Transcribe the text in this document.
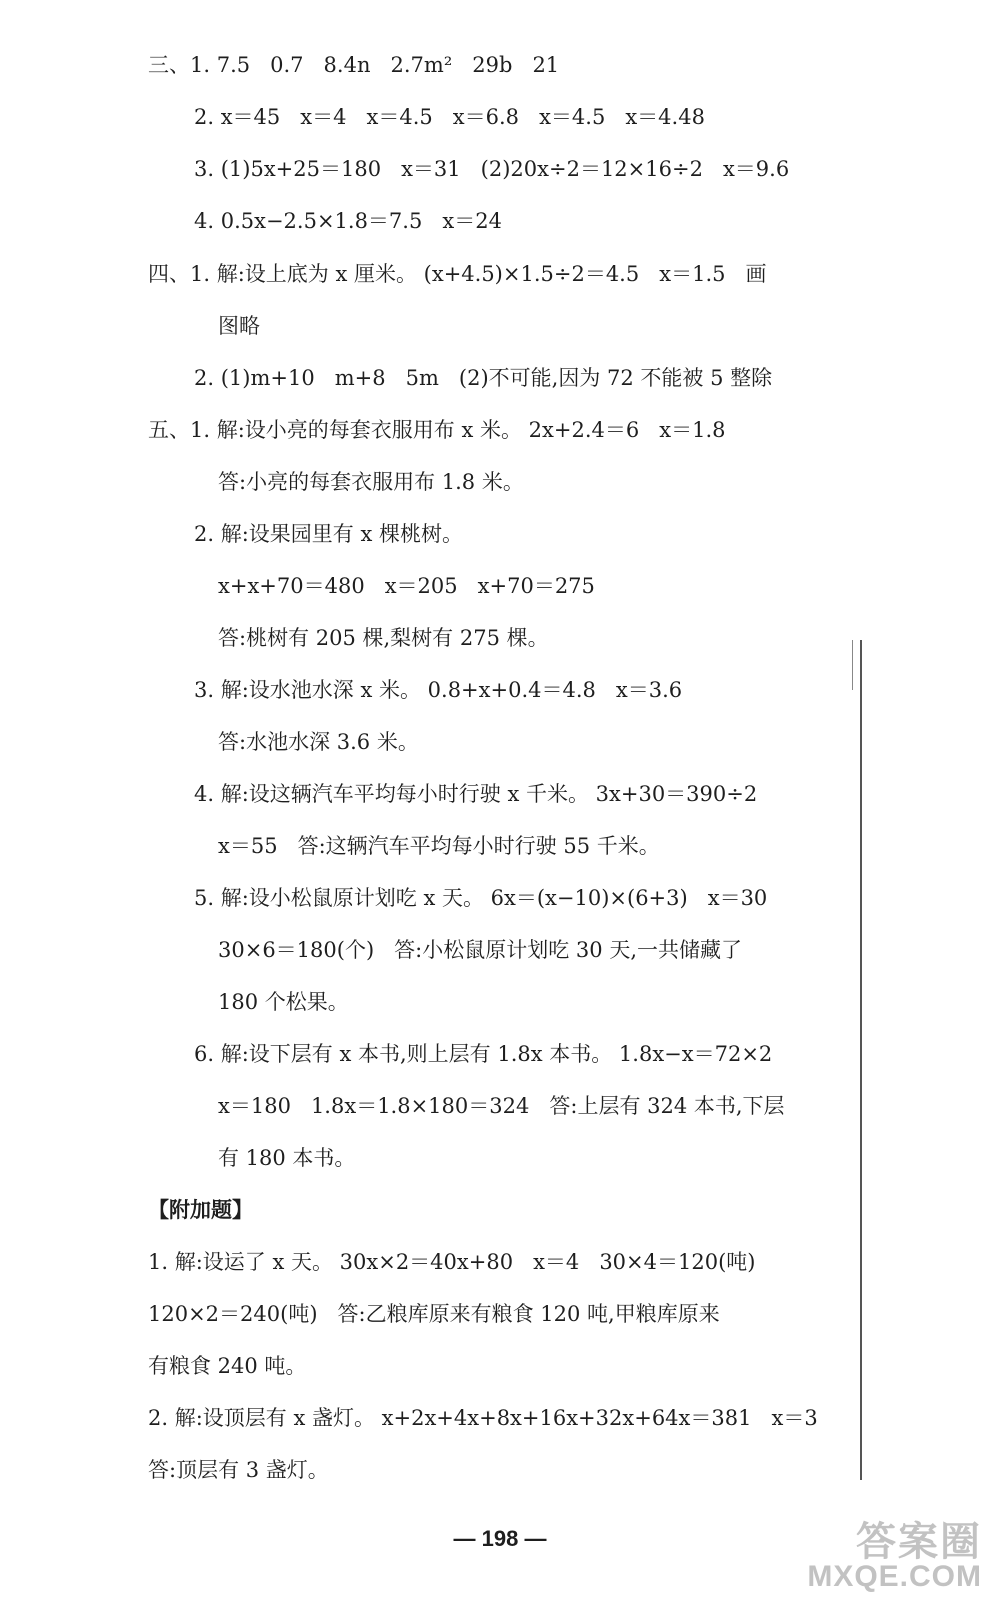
三、1. 7.5   0.7   8.4n   2.7m²   29b   21
2. x＝45   x＝4   x＝4.5   x＝6.8   x＝4.5   x＝4.48
3. (1)5x+25＝180   x＝31   (2)20x÷2＝12×16÷2   x＝9.6
4. 0.5x−2.5×1.8＝7.5   x＝24
四、1. 解:设上底为 x 厘米。 (x+4.5)×1.5÷2＝4.5   x＝1.5   画
图略
2. (1)m+10   m+8   5m   (2)不可能,因为 72 不能被 5 整除
五、1. 解:设小亮的每套衣服用布 x 米。 2x+2.4＝6   x＝1.8
答:小亮的每套衣服用布 1.8 米。
2. 解:设果园里有 x 棵桃树。
x+x+70＝480   x＝205   x+70＝275
答:桃树有 205 棵,梨树有 275 棵。
3. 解:设水池水深 x 米。 0.8+x+0.4＝4.8   x＝3.6
答:水池水深 3.6 米。
4. 解:设这辆汽车平均每小时行驶 x 千米。 3x+30＝390÷2
x＝55   答:这辆汽车平均每小时行驶 55 千米。
5. 解:设小松鼠原计划吃 x 天。 6x＝(x−10)×(6+3)   x＝30
30×6＝180(个)   答:小松鼠原计划吃 30 天,一共储藏了
180 个松果。
6. 解:设下层有 x 本书,则上层有 1.8x 本书。 1.8x−x＝72×2
x＝180   1.8x＝1.8×180＝324   答:上层有 324 本书,下层
有 180 本书。
【附加题】
1. 解:设运了 x 天。 30x×2＝40x+80   x＝4   30×4＝120(吨)
120×2＝240(吨)   答:乙粮库原来有粮食 120 吨,甲粮库原来
有粮食 240 吨。
2. 解:设顶层有 x 盏灯。 x+2x+4x+8x+16x+32x+64x＝381   x＝3
答:顶层有 3 盏灯。
— 198 —	答案圈
MXQE.COM
